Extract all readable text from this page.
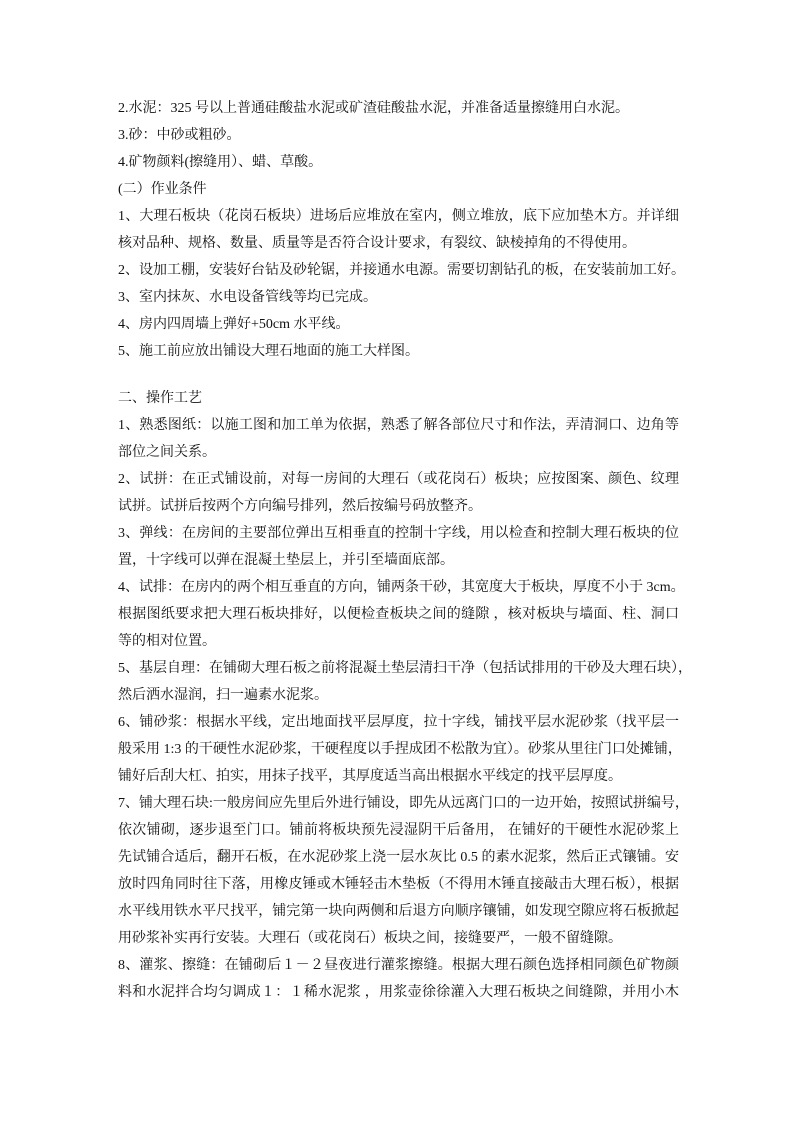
2.水泥：325 号以上普通硅酸盐水泥或矿渣硅酸盐水泥，并准备适量擦缝用白水泥。
3.砂：中砂或粗砂。
4.矿物颜料(擦缝用）、蜡、草酸。
(二）作业条件
1、大理石板块（花岗石板块）进场后应堆放在室内，侧立堆放，底下应加垫木方。并详细
核对品种、规格、数量、质量等是否符合设计要求，有裂纹、缺棱掉角的不得使用。
2、设加工棚，安装好台钻及砂轮锯，并接通水电源。需要切割钻孔的板，在安装前加工好。
3、室内抹灰、水电设备管线等均已完成。
4、房内四周墙上弹好+50cm 水平线。
5、施工前应放出铺设大理石地面的施工大样图。
二、操作工艺
1、熟悉图纸：以施工图和加工单为依据，熟悉了解各部位尺寸和作法，弄清洞口、边角等
部位之间关系。
2、试拼：在正式铺设前，对每一房间的大理石（或花岗石）板块；应按图案、颜色、纹理
试拼。试拼后按两个方向编号排列，然后按编号码放整齐。
3、弹线：在房间的主要部位弹出互相垂直的控制十字线，用以检查和控制大理石板块的位
置，十字线可以弹在混凝土垫层上，并引至墙面底部。
4、试排：在房内的两个相互垂直的方向，铺两条干砂，其宽度大于板块，厚度不小于 3cm。
根据图纸要求把大理石板块排好，以便检查板块之间的缝隙 ，核对板块与墙面、柱、洞口
等的相对位置。
5、基层自理：在铺砌大理石板之前将混凝土垫层清扫干净（包括试排用的干砂及大理石块），
然后洒水湿润，扫一遍素水泥浆。
6、铺砂浆：根据水平线，定出地面找平层厚度，拉十字线，铺找平层水泥砂浆（找平层一
般采用 1:3 的干硬性水泥砂浆，干硬程度以手捏成团不松散为宜）。砂浆从里往门口处摊铺，
铺好后刮大杠、拍实，用抹子找平，其厚度适当高出根据水平线定的找平层厚度。
7、铺大理石块:一般房间应先里后外进行铺设，即先从远离门口的一边开始，按照试拼编号，
依次铺砌，逐步退至门口。铺前将板块预先浸湿阴干后备用， 在铺好的干硬性水泥砂浆上
先试铺合适后，翻开石板，在水泥砂浆上浇一层水灰比 0.5 的素水泥浆，然后正式镶铺。安
放时四角同时往下落，用橡皮锤或木锤轻击木垫板（不得用木锤直接敲击大理石板），根据
水平线用铁水平尺找平，铺完第一块向两侧和后退方向顺序镶铺，如发现空隙应将石板掀起
用砂浆补实再行安装。大理石（或花岗石）板块之间，接缝要严，一般不留缝隙。
8、灌浆、擦缝：在铺砌后１－２昼夜进行灌浆擦缝。根据大理石颜色选择相同颜色矿物颜
料和水泥拌合均匀调成１：１稀水泥浆 ，用浆壶徐徐灌入大理石板块之间缝隙，并用小木
